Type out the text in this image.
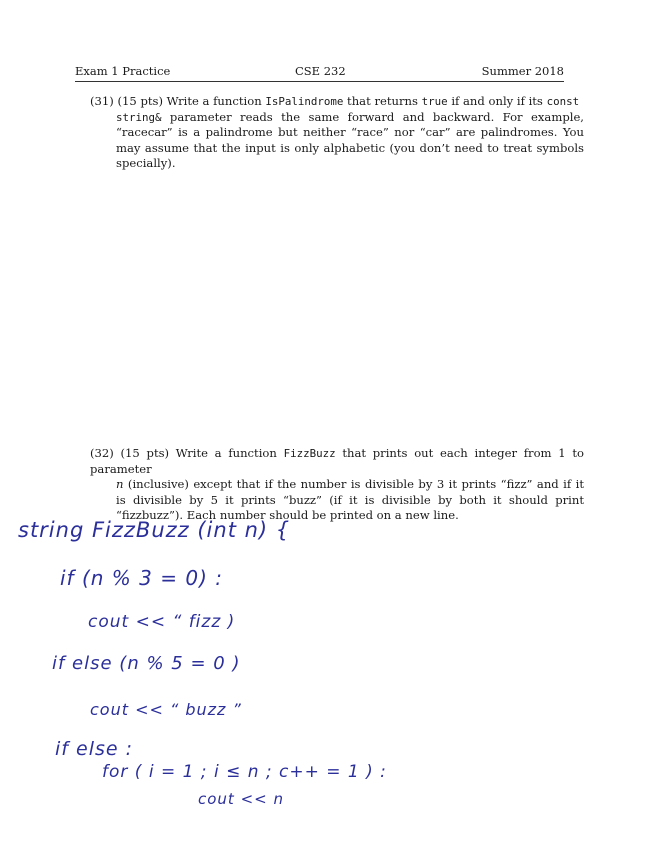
Exam 1 Practice	CSE 232	Summer 2018
(31) (15 pts) Write a function IsPalindrome that returns true if and only if its const
string& parameter reads the same forward and backward. For example, “racecar” is a palindrome but neither “race” nor “car” are palindromes. You may assume that the input is only alphabetic (you don’t need to treat symbols specially).
(32) (15 pts) Write a function FizzBuzz that prints out each integer from 1 to parameter
n (inclusive) except that if the number is divisible by 3 it prints “fizz” and if it is divisible by 5 it prints “buzz” (if it is divisible by both it should print “fizzbuzz”). Each number should be printed on a new line.
string FizzBuzz (int n) {
if (n % 3 = 0) :
cout << “ fizz )
if else (n % 5 = 0 )
cout << “ buzz ”
if else :
for ( i = 1 ; i ≤ n ; c++ = 1 ) :
cout << n
